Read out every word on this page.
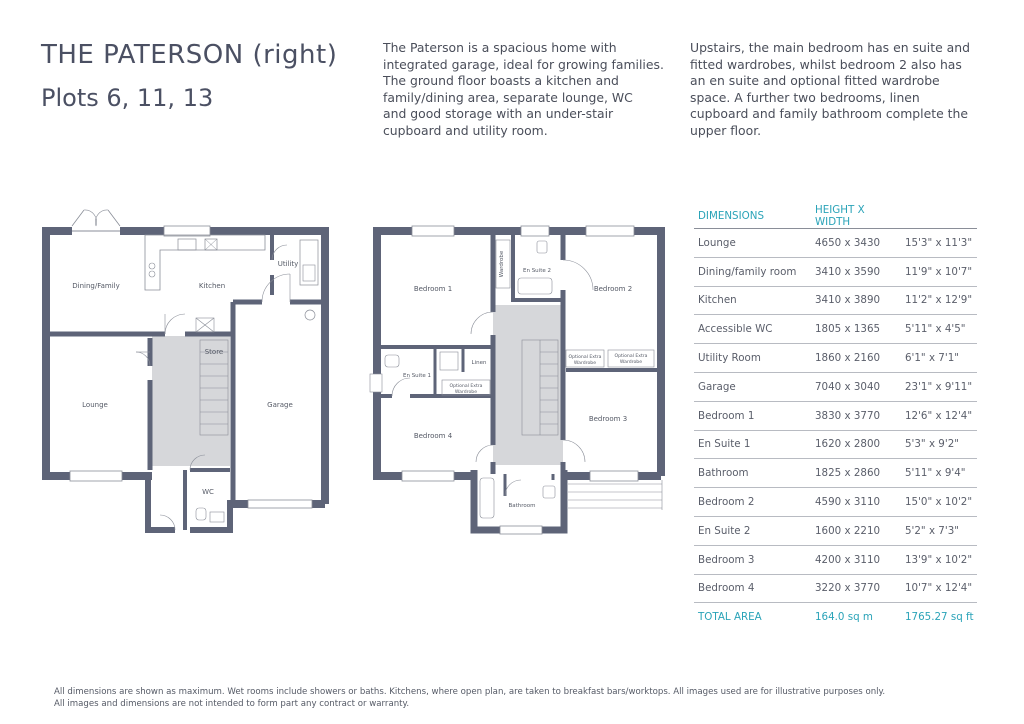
THE PATERSON (right)
Plots 6, 11, 13
The Paterson is a spacious home with
integrated garage, ideal for growing families.
The ground floor boasts a kitchen and
family/dining area, separate lounge, WC
and good storage with an under-stair
cupboard and utility room.
Upstairs, the main bedroom has en suite and
fitted wardrobes, whilst bedroom 2 also has
an en suite and optional fitted wardrobe
space. A further two bedrooms, linen
cupboard and family bathroom complete the
upper floor.
Dining/Family	Kitchen
Utility
Lounge
Store
Garage
WC
Bedroom 1
Wardrobe	En Suite 2
Bedroom 2
En Suite 1
Linen
Optional Extra
Wardrobe
Optional Extra
Wardrobe
Optional Extra
Wardrobe
Bedroom 3
Bedroom 4
Bathroom
DIMENSIONS	HEIGHT X WIDTH	
Lounge	4650 x 3430	15'3" x 11'3"
Dining/family room	3410 x 3590	11'9" x 10'7"
Kitchen	3410 x 3890	11'2" x 12'9"
Accessible WC	1805 x 1365	5'11" x 4'5"
Utility Room	1860 x 2160	6'1" x 7'1"
Garage	7040 x 3040	23'1" x 9'11"
Bedroom 1	3830 x 3770	12'6" x 12'4"
En Suite 1	1620 x 2800	5'3" x 9'2"
Bathroom	1825 x 2860	5'11" x 9'4"
Bedroom 2	4590 x 3110	15'0" x 10'2"
En Suite 2	1600 x 2210	5'2" x 7'3"
Bedroom 3	4200 x 3110	13'9" x 10'2"
Bedroom 4	3220 x 3770	10'7" x 12'4"
TOTAL AREA	164.0 sq m	1765.27 sq ft
All dimensions are shown as maximum. Wet rooms include showers or baths. Kitchens, where open plan, are taken to breakfast bars/worktops. All images used are for illustrative purposes only.
All images and dimensions are not intended to form part any contract or warranty.
